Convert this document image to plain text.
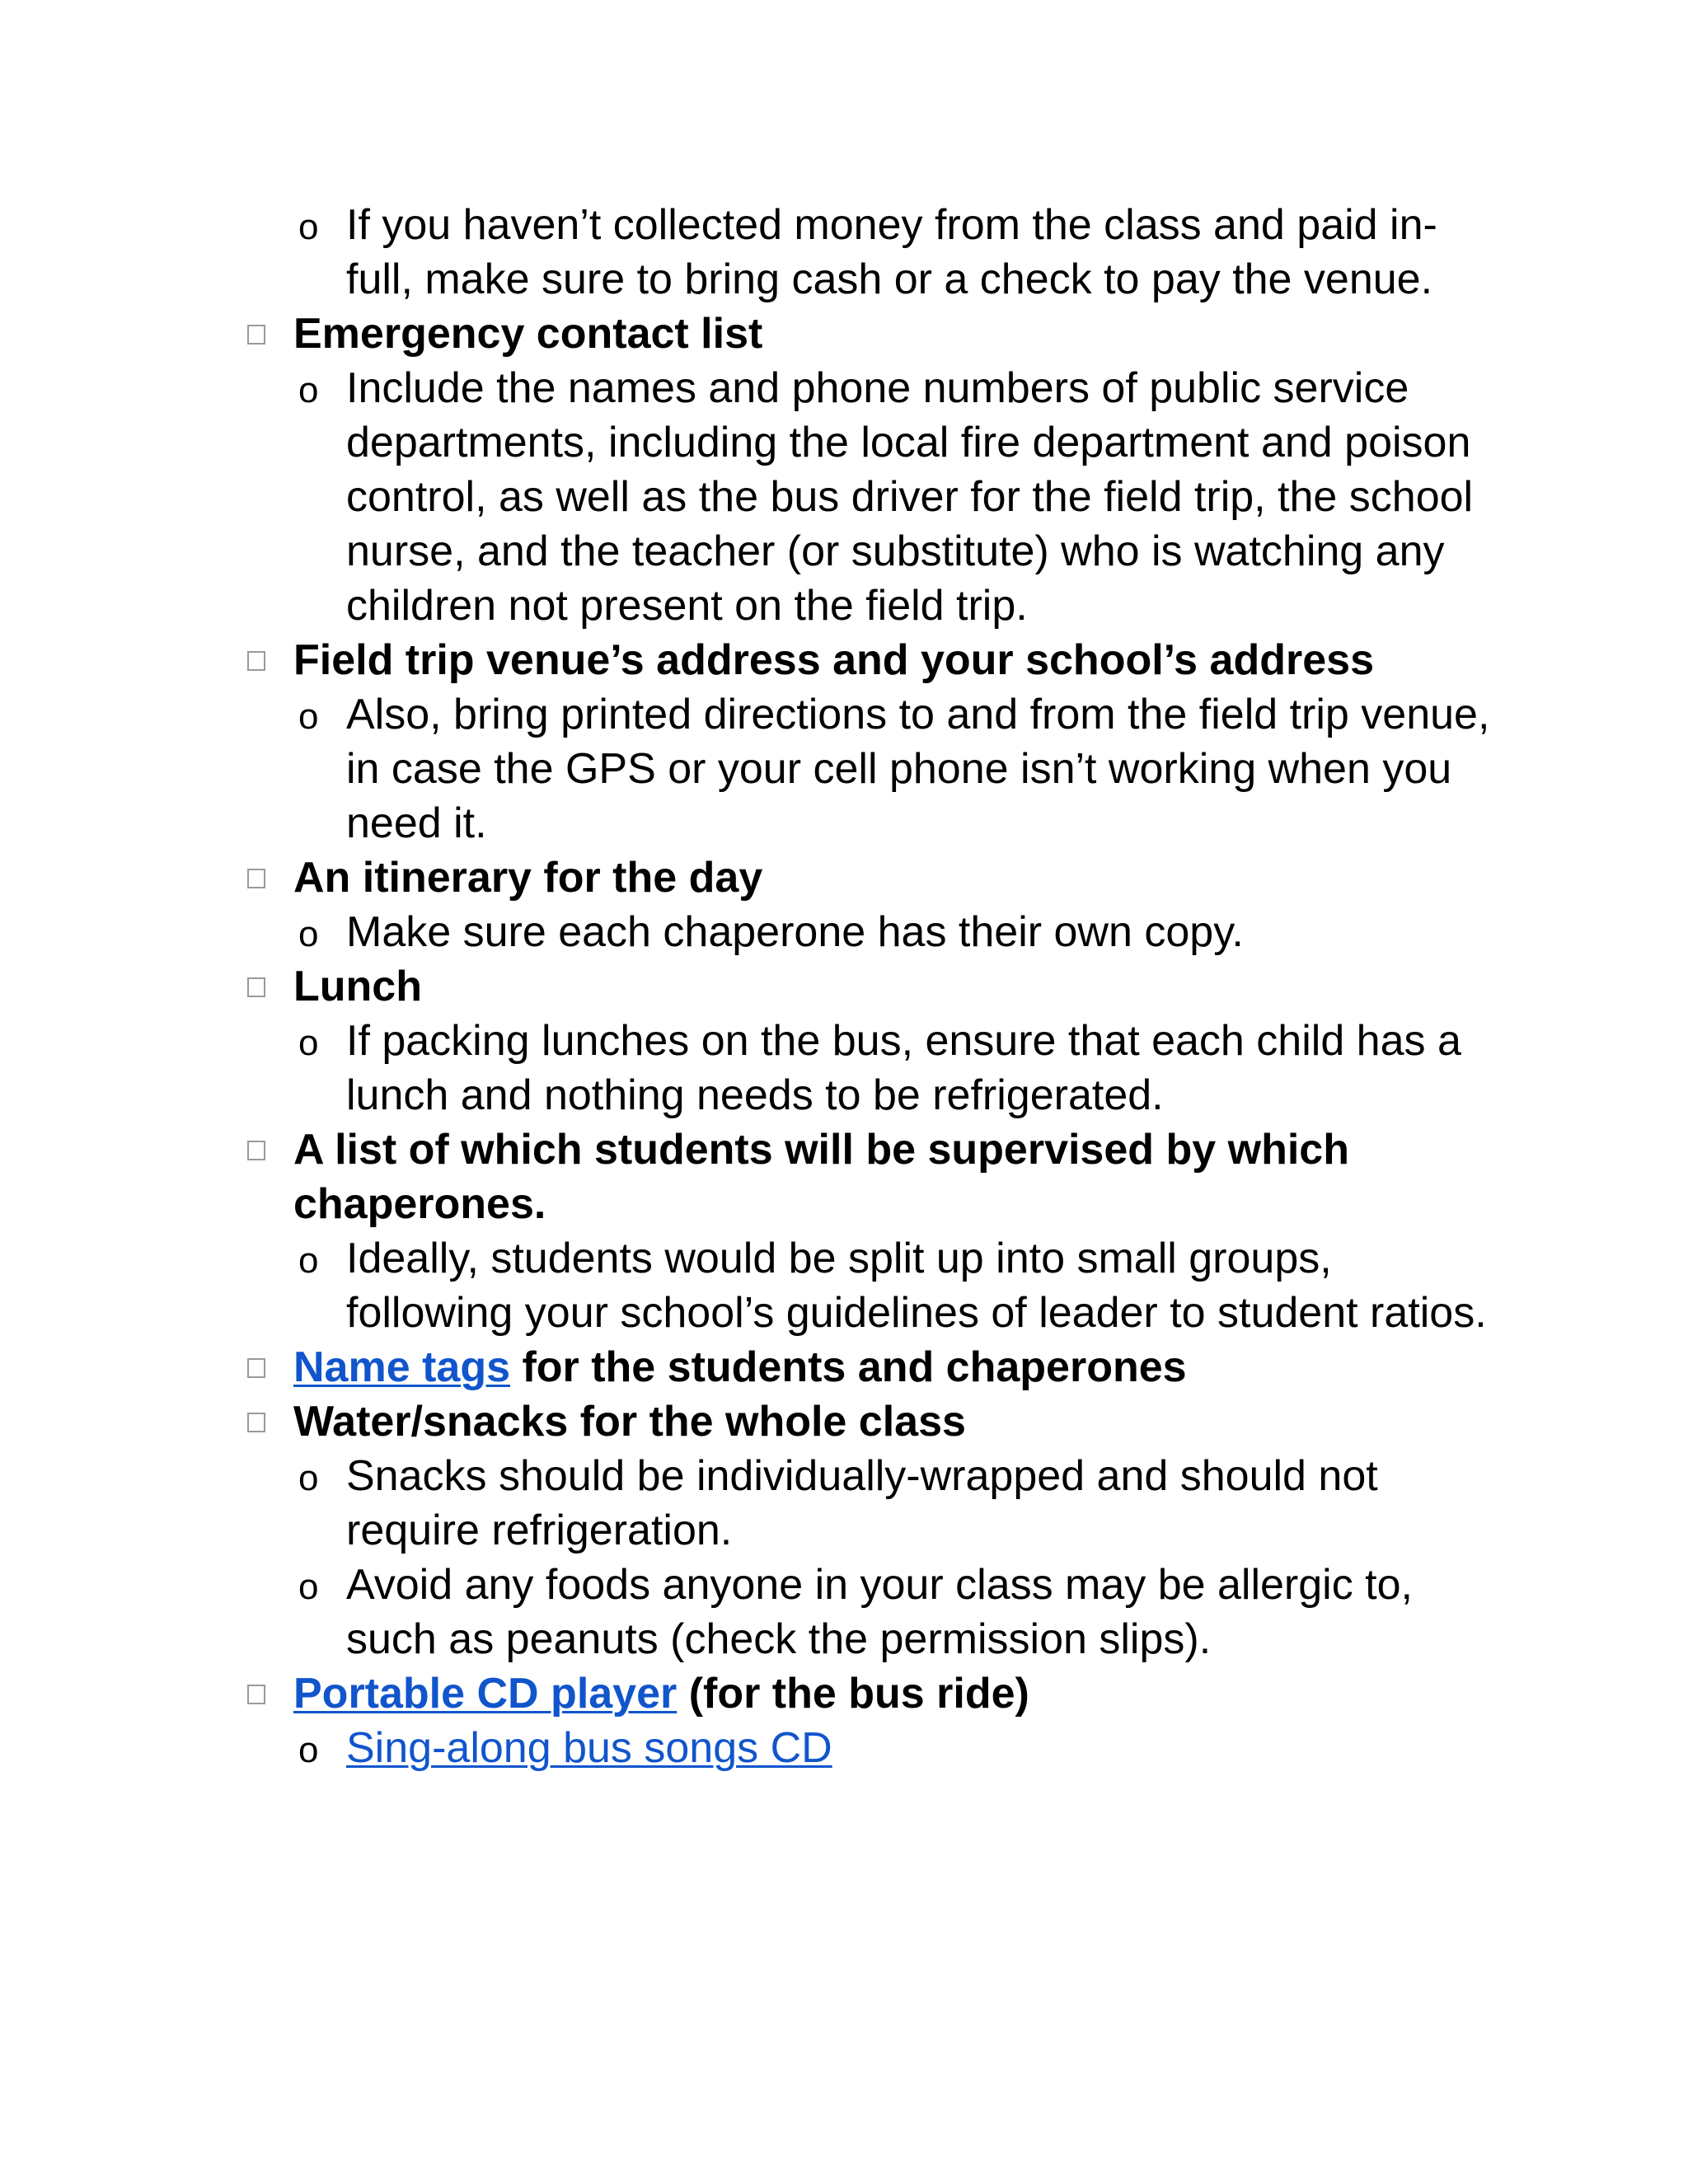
o If you haven’t collected money from the class and paid in-full, make sure to bring cash or a check to pay the venue.

Emergency contact list

o Include the names and phone numbers of public service departments, including the local fire department and poison control, as well as the bus driver for the field trip, the school nurse, and the teacher (or substitute) who is watching any children not present on the field trip.

Field trip venue’s address and your school’s address

o Also, bring printed directions to and from the field trip venue, in case the GPS or your cell phone isn’t working when you need it.

An itinerary for the day

o Make sure each chaperone has their own copy.

Lunch

o If packing lunches on the bus, ensure that each child has a lunch and nothing needs to be refrigerated.

A list of which students will be supervised by which chaperones.

o Ideally, students would be split up into small groups, following your school’s guidelines of leader to student ratios.

Name tags for the students and chaperones

Water/snacks for the whole class

o Snacks should be individually-wrapped and should not require refrigeration.
o Avoid any foods anyone in your class may be allergic to, such as peanuts (check the permission slips).

Portable CD player (for the bus ride)

o Sing-along bus songs CD
